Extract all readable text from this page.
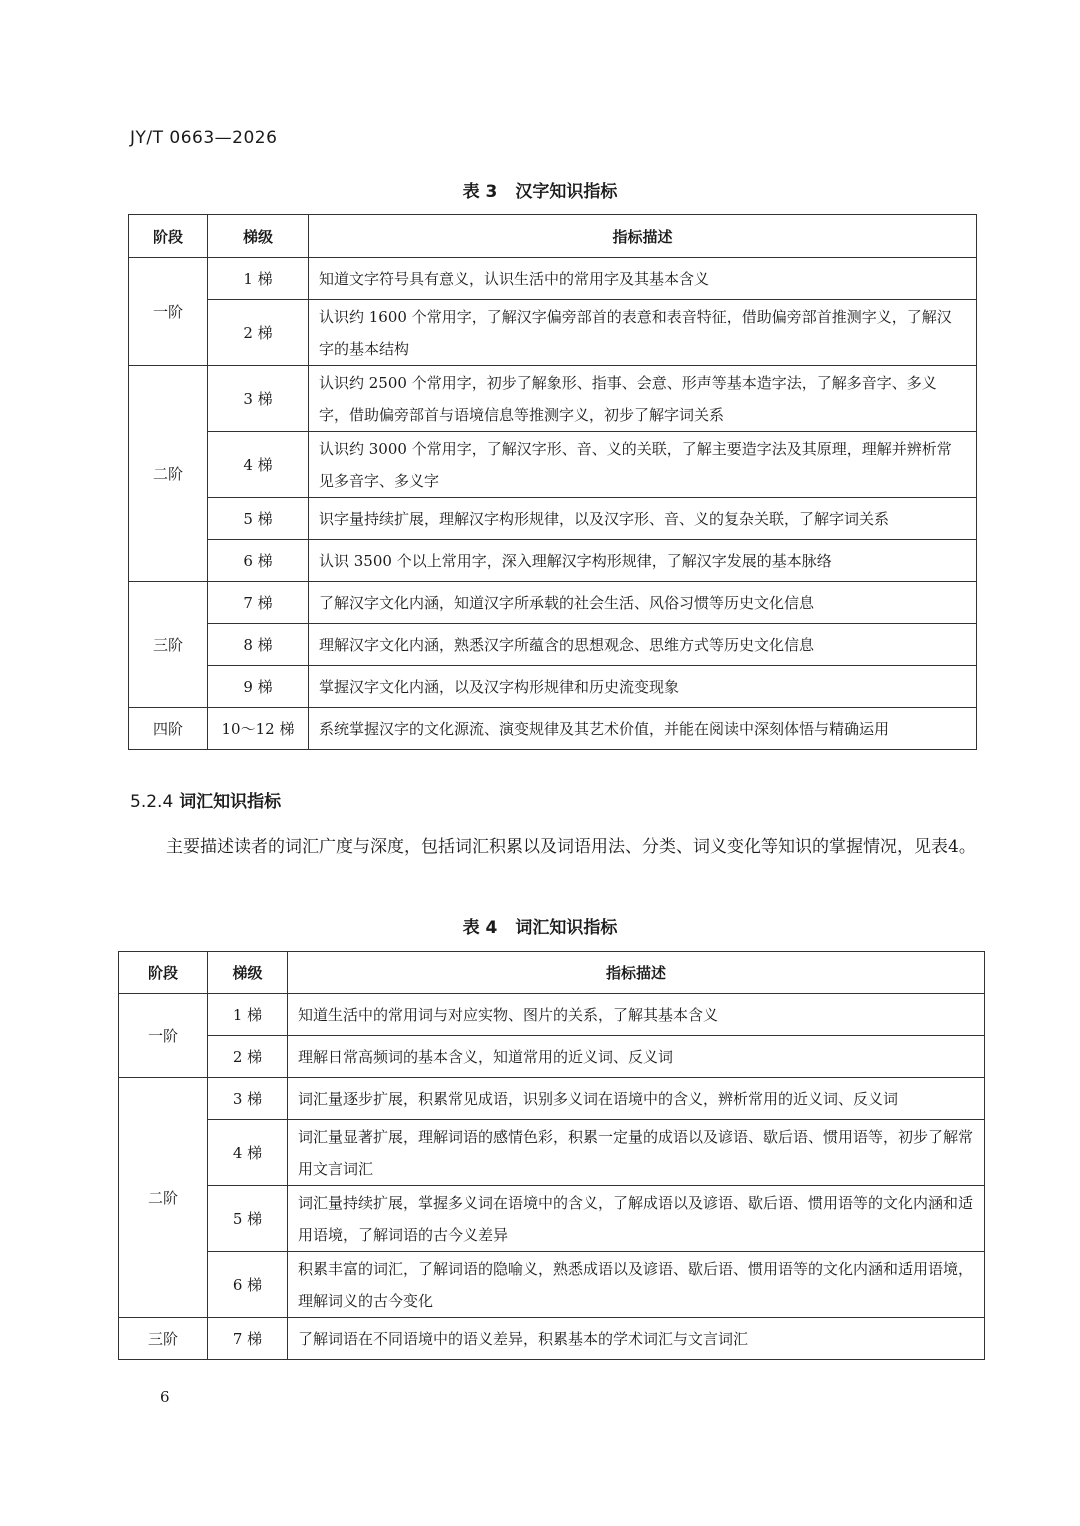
JY/T 0663—2026
表 3 汉字知识指标
阶段	梯级	指标描述
一阶	1 梯	知道文字符号具有意义，认识生活中的常用字及其基本含义
	2 梯	认识约 1600 个常用字，了解汉字偏旁部首的表意和表音特征，借助偏旁部首推测字义，了解汉字的基本结构
二阶	3 梯	认识约 2500 个常用字，初步了解象形、指事、会意、形声等基本造字法，了解多音字、多义字，借助偏旁部首与语境信息等推测字义，初步了解字词关系
	4 梯	认识约 3000 个常用字，了解汉字形、音、义的关联，了解主要造字法及其原理，理解并辨析常见多音字、多义字
	5 梯	识字量持续扩展，理解汉字构形规律，以及汉字形、音、义的复杂关联，了解字词关系
	6 梯	认识 3500 个以上常用字，深入理解汉字构形规律，了解汉字发展的基本脉络
三阶	7 梯	了解汉字文化内涵，知道汉字所承载的社会生活、风俗习惯等历史文化信息
	8 梯	理解汉字文化内涵，熟悉汉字所蕴含的思想观念、思维方式等历史文化信息
	9 梯	掌握汉字文化内涵，以及汉字构形规律和历史流变现象
四阶	10～12 梯	系统掌握汉字的文化源流、演变规律及其艺术价值，并能在阅读中深刻体悟与精确运用
5.2.4 词汇知识指标

主要描述读者的词汇广度与深度，包括词汇积累以及词语用法、分类、词义变化等知识的掌握情况，见表4。

表 4 词汇知识指标
阶段	梯级	指标描述
一阶	1 梯	知道生活中的常用词与对应实物、图片的关系，了解其基本含义
	2 梯	理解日常高频词的基本含义，知道常用的近义词、反义词
二阶	3 梯	词汇量逐步扩展，积累常见成语，识别多义词在语境中的含义，辨析常用的近义词、反义词
	4 梯	词汇量显著扩展，理解词语的感情色彩，积累一定量的成语以及谚语、歇后语、惯用语等，初步了解常用文言词汇
	5 梯	词汇量持续扩展，掌握多义词在语境中的含义，了解成语以及谚语、歇后语、惯用语等的文化内涵和适用语境，了解词语的古今义差异
	6 梯	积累丰富的词汇，了解词语的隐喻义，熟悉成语以及谚语、歇后语、惯用语等的文化内涵和适用语境，理解词义的古今变化
三阶	7 梯	了解词语在不同语境中的语义差异，积累基本的学术词汇与文言词汇
6
